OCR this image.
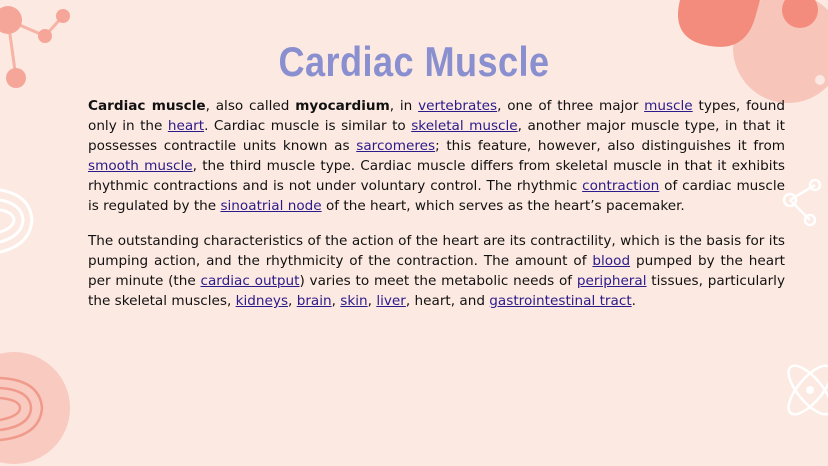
Cardiac Muscle

Cardiac muscle, also called myocardium, in vertebrates, one of three major muscle types, found only in the heart. Cardiac muscle is similar to skeletal muscle, another major muscle type, in that it possesses contractile units known as sarcomeres; this feature, however, also distinguishes it from smooth muscle, the third muscle type. Cardiac muscle differs from skeletal muscle in that it exhibits rhythmic contractions and is not under voluntary control. The rhythmic contraction of cardiac muscle is regulated by the sinoatrial node of the heart, which serves as the heart’s pacemaker.

The outstanding characteristics of the action of the heart are its contractility, which is the basis for its pumping action, and the rhythmicity of the contraction. The amount of blood pumped by the heart per minute (the cardiac output) varies to meet the metabolic needs of peripheral tissues, particularly the skeletal muscles, kidneys, brain, skin, liver, heart, and gastrointestinal tract.
